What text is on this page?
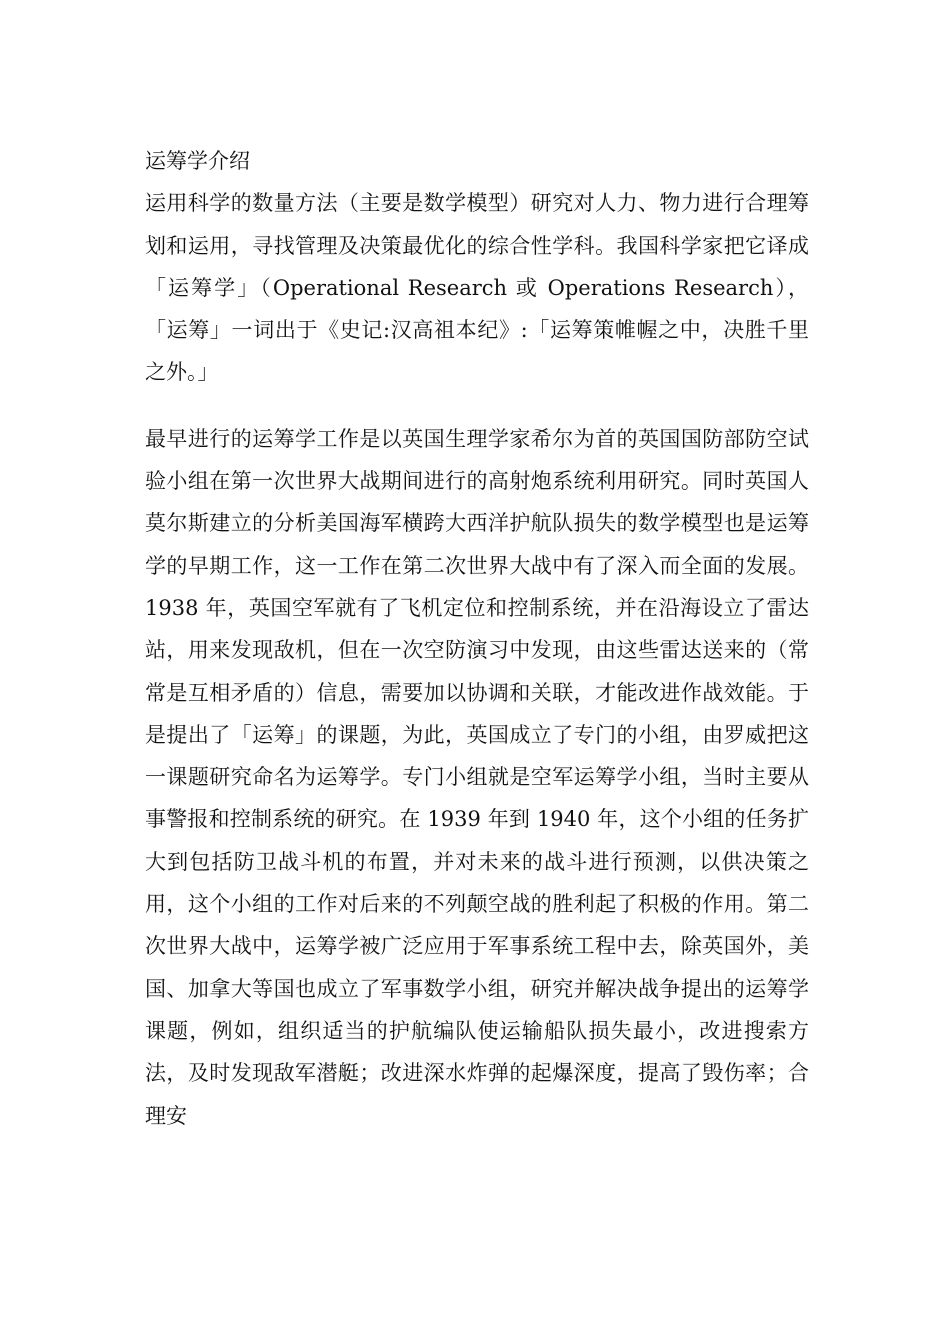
运筹学介绍

运用科学的数量方法（主要是数学模型）研究对人力、物力进行合理筹划和运用，寻找管理及决策最优化的综合性学科。我国科学家把它译成「运筹学」（Operational Research 或 Operations Research），「运筹」一词出于《史记:汉高祖本纪》:「运筹策帷幄之中，决胜千里之外。」

最早进行的运筹学工作是以英国生理学家希尔为首的英国国防部防空试验小组在第一次世界大战期间进行的高射炮系统利用研究。同时英国人莫尔斯建立的分析美国海军横跨大西洋护航队损失的数学模型也是运筹学的早期工作，这一工作在第二次世界大战中有了深入而全面的发展。1938 年，英国空军就有了飞机定位和控制系统，并在沿海设立了雷达站，用来发现敌机，但在一次空防演习中发现，由这些雷达送来的（常常是互相矛盾的）信息，需要加以协调和关联，才能改进作战效能。于是提出了「运筹」的课题，为此，英国成立了专门的小组，由罗威把这一课题研究命名为运筹学。专门小组就是空军运筹学小组，当时主要从事警报和控制系统的研究。在 1939 年到 1940 年，这个小组的任务扩大到包括防卫战斗机的布置，并对未来的战斗进行预测，以供决策之用，这个小组的工作对后来的不列颠空战的胜利起了积极的作用。第二次世界大战中，运筹学被广泛应用于军事系统工程中去，除英国外，美国、加拿大等国也成立了军事数学小组，研究并解决战争提出的运筹学课题，例如，组织适当的护航编队使运输船队损失最小，改进搜索方法，及时发现敌军潜艇；改进深水炸弹的起爆深度，提高了毁伤率；合理安
